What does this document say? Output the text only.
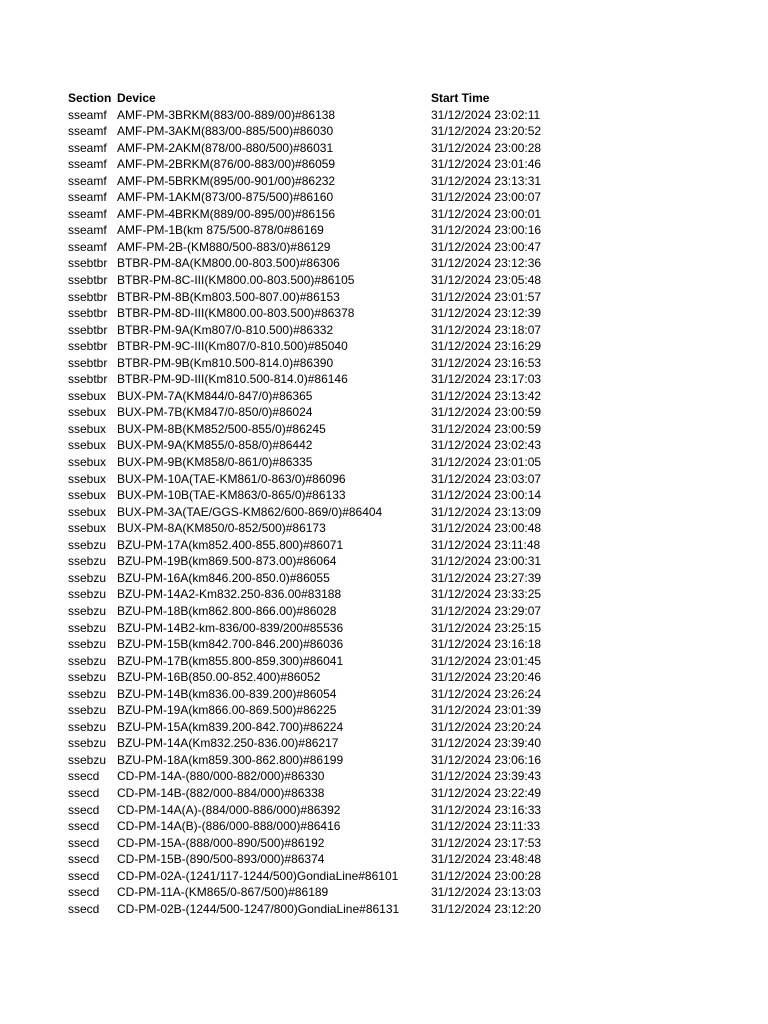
Section	Device	Start Time
sseamf	AMF-PM-3BRKM(883/00-889/00)#86138	31/12/2024 23:02:11
sseamf	AMF-PM-3AKM(883/00-885/500)#86030	31/12/2024 23:20:52
sseamf	AMF-PM-2AKM(878/00-880/500)#86031	31/12/2024 23:00:28
sseamf	AMF-PM-2BRKM(876/00-883/00)#86059	31/12/2024 23:01:46
sseamf	AMF-PM-5BRKM(895/00-901/00)#86232	31/12/2024 23:13:31
sseamf	AMF-PM-1AKM(873/00-875/500)#86160	31/12/2024 23:00:07
sseamf	AMF-PM-4BRKM(889/00-895/00)#86156	31/12/2024 23:00:01
sseamf	AMF-PM-1B(km 875/500-878/0#86169	31/12/2024 23:00:16
sseamf	AMF-PM-2B-(KM880/500-883/0)#86129	31/12/2024 23:00:47
ssebtbr	BTBR-PM-8A(KM800.00-803.500)#86306	31/12/2024 23:12:36
ssebtbr	BTBR-PM-8C-III(KM800.00-803.500)#86105	31/12/2024 23:05:48
ssebtbr	BTBR-PM-8B(Km803.500-807.00)#86153	31/12/2024 23:01:57
ssebtbr	BTBR-PM-8D-III(KM800.00-803.500)#86378	31/12/2024 23:12:39
ssebtbr	BTBR-PM-9A(Km807/0-810.500)#86332	31/12/2024 23:18:07
ssebtbr	BTBR-PM-9C-III(Km807/0-810.500)#85040	31/12/2024 23:16:29
ssebtbr	BTBR-PM-9B(Km810.500-814.0)#86390	31/12/2024 23:16:53
ssebtbr	BTBR-PM-9D-III(Km810.500-814.0)#86146	31/12/2024 23:17:03
ssebux	BUX-PM-7A(KM844/0-847/0)#86365	31/12/2024 23:13:42
ssebux	BUX-PM-7B(KM847/0-850/0)#86024	31/12/2024 23:00:59
ssebux	BUX-PM-8B(KM852/500-855/0)#86245	31/12/2024 23:00:59
ssebux	BUX-PM-9A(KM855/0-858/0)#86442	31/12/2024 23:02:43
ssebux	BUX-PM-9B(KM858/0-861/0)#86335	31/12/2024 23:01:05
ssebux	BUX-PM-10A(TAE-KM861/0-863/0)#86096	31/12/2024 23:03:07
ssebux	BUX-PM-10B(TAE-KM863/0-865/0)#86133	31/12/2024 23:00:14
ssebux	BUX-PM-3A(TAE/GGS-KM862/600-869/0)#86404	31/12/2024 23:13:09
ssebux	BUX-PM-8A(KM850/0-852/500)#86173	31/12/2024 23:00:48
ssebzu	BZU-PM-17A(km852.400-855.800)#86071	31/12/2024 23:11:48
ssebzu	BZU-PM-19B(km869.500-873.00)#86064	31/12/2024 23:00:31
ssebzu	BZU-PM-16A(km846.200-850.0)#86055	31/12/2024 23:27:39
ssebzu	BZU-PM-14A2-Km832.250-836.00#83188	31/12/2024 23:33:25
ssebzu	BZU-PM-18B(km862.800-866.00)#86028	31/12/2024 23:29:07
ssebzu	BZU-PM-14B2-km-836/00-839/200#85536	31/12/2024 23:25:15
ssebzu	BZU-PM-15B(km842.700-846.200)#86036	31/12/2024 23:16:18
ssebzu	BZU-PM-17B(km855.800-859.300)#86041	31/12/2024 23:01:45
ssebzu	BZU-PM-16B(850.00-852.400)#86052	31/12/2024 23:20:46
ssebzu	BZU-PM-14B(km836.00-839.200)#86054	31/12/2024 23:26:24
ssebzu	BZU-PM-19A(km866.00-869.500)#86225	31/12/2024 23:01:39
ssebzu	BZU-PM-15A(km839.200-842.700)#86224	31/12/2024 23:20:24
ssebzu	BZU-PM-14A(Km832.250-836.00)#86217	31/12/2024 23:39:40
ssebzu	BZU-PM-18A(km859.300-862.800)#86199	31/12/2024 23:06:16
ssecd	CD-PM-14A-(880/000-882/000)#86330	31/12/2024 23:39:43
ssecd	CD-PM-14B-(882/000-884/000)#86338	31/12/2024 23:22:49
ssecd	CD-PM-14A(A)-(884/000-886/000)#86392	31/12/2024 23:16:33
ssecd	CD-PM-14A(B)-(886/000-888/000)#86416	31/12/2024 23:11:33
ssecd	CD-PM-15A-(888/000-890/500)#86192	31/12/2024 23:17:53
ssecd	CD-PM-15B-(890/500-893/000)#86374	31/12/2024 23:48:48
ssecd	CD-PM-02A-(1241/117-1244/500)GondiaLine#86101	31/12/2024 23:00:28
ssecd	CD-PM-11A-(KM865/0-867/500)#86189	31/12/2024 23:13:03
ssecd	CD-PM-02B-(1244/500-1247/800)GondiaLine#86131	31/12/2024 23:12:20
